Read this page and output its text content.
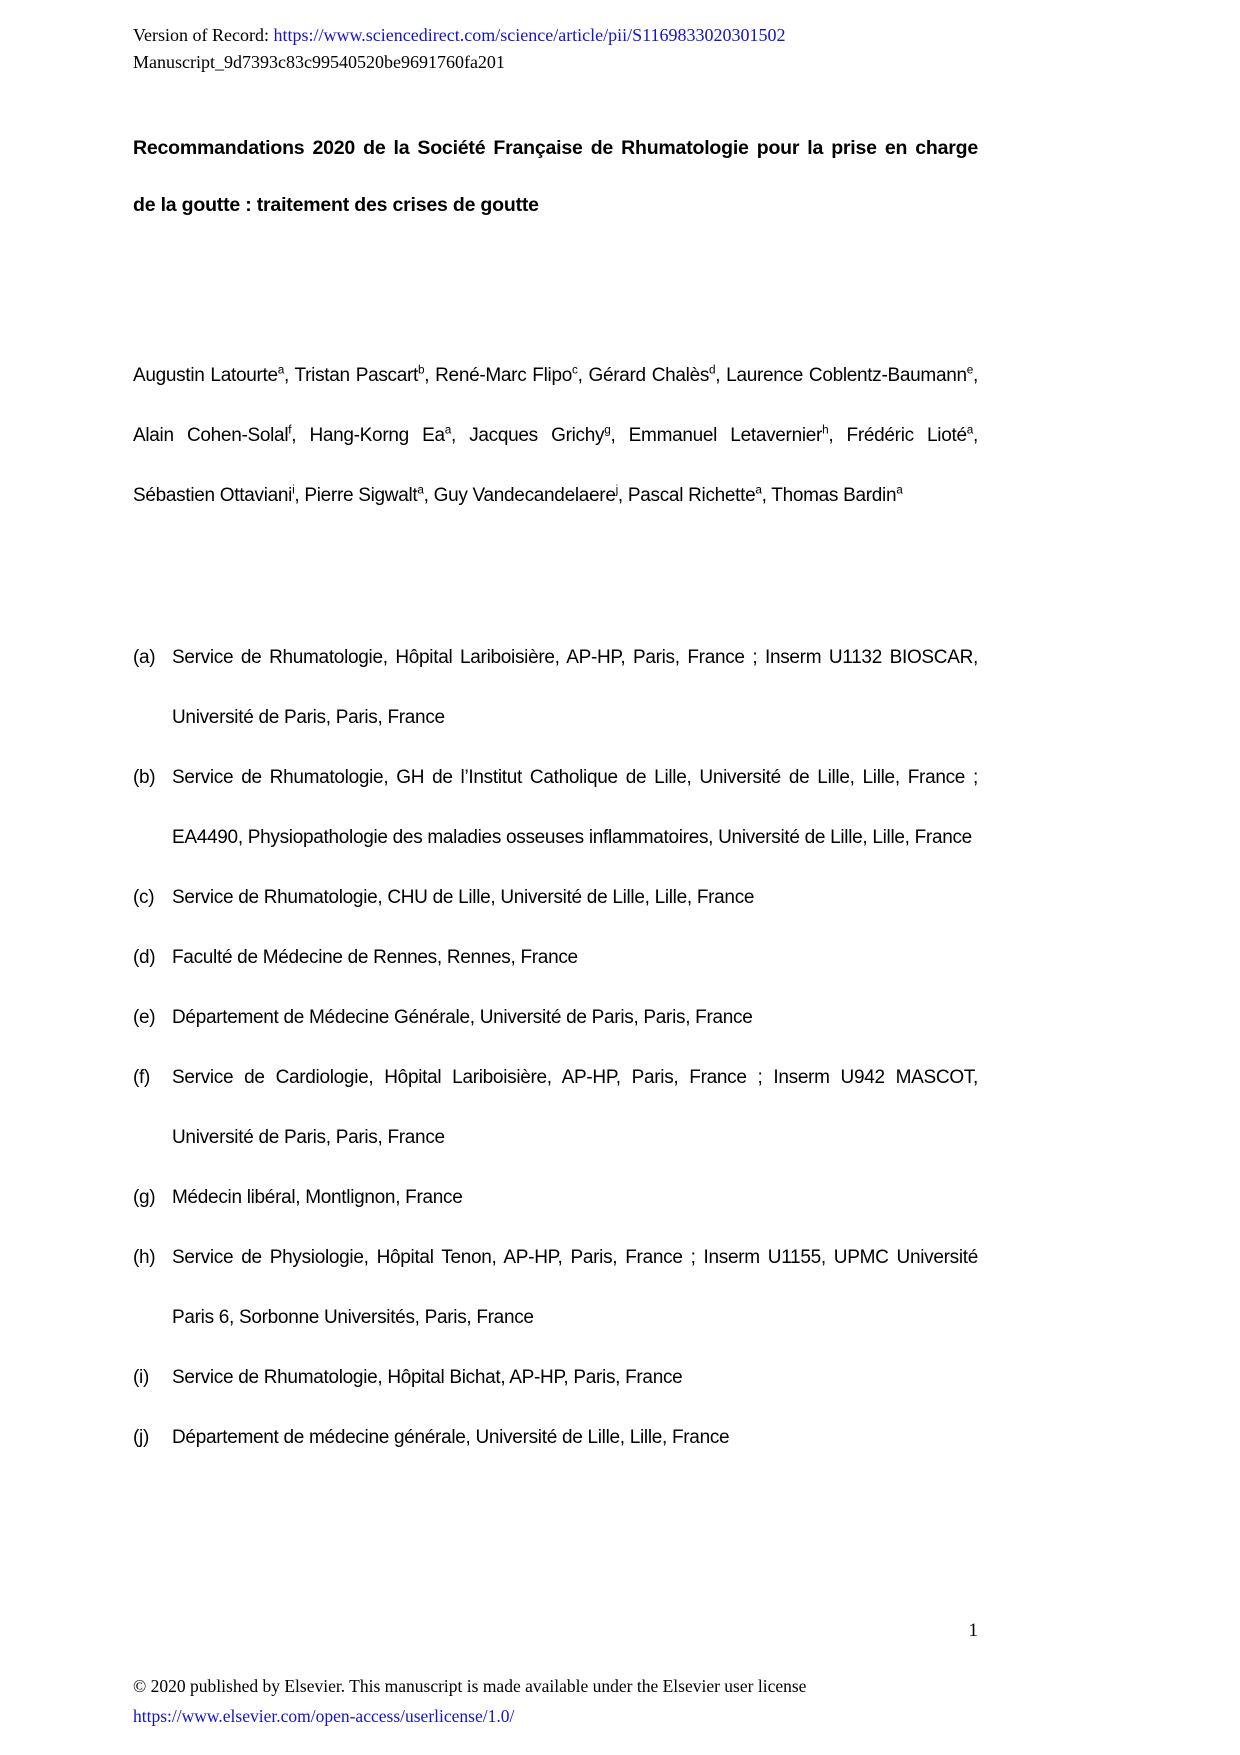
Version of Record: https://www.sciencedirect.com/science/article/pii/S1169833020301502
Manuscript_9d7393c83c99540520be9691760fa201
Recommandations 2020 de la Société Française de Rhumatologie pour la prise en charge
de la goutte : traitement des crises de goutte

Augustin Latourte$^a$, Tristan Pascart$^b$, René-Marc Flipo$^c$, Gérard Chalès$^d$, Laurence Coblentz-Baumann$^e$, Alain Cohen-Solal$^f$, Hang-Korng Ea$^a$, Jacques Grichy$^g$, Emmanuel Letavernier$^h$, Frédéric Lioté$^a$, Sébastien Ottaviani$^i$, Pierre Sigwalt$^a$, Guy Vandecandelaere$^j$, Pascal Richette$^a$, Thomas Bardin$^a$

(a) Service de Rhumatologie, Hôpital Lariboisière, AP-HP, Paris, France ; Inserm U1132 BIOSCAR, Université de Paris, Paris, France
(b) Service de Rhumatologie, GH de l’Institut Catholique de Lille, Université de Lille, Lille, France ; EA4490, Physiopathologie des maladies osseuses inflammatoires, Université de Lille, Lille, France
(c) Service de Rhumatologie, CHU de Lille, Université de Lille, Lille, France
(d) Faculté de Médecine de Rennes, Rennes, France
(e) Département de Médecine Générale, Université de Paris, Paris, France
(f) Service de Cardiologie, Hôpital Lariboisière, AP-HP, Paris, France ; Inserm U942 MASCOT, Université de Paris, Paris, France
(g) Médecin libéral, Montlignon, France
(h) Service de Physiologie, Hôpital Tenon, AP-HP, Paris, France ; Inserm U1155, UPMC Université Paris 6, Sorbonne Universités, Paris, France
(i) Service de Rhumatologie, Hôpital Bichat, AP-HP, Paris, France
(j) Département de médecine générale, Université de Lille, Lille, France
1
© 2020 published by Elsevier. This manuscript is made available under the Elsevier user license
https://www.elsevier.com/open-access/userlicense/1.0/
